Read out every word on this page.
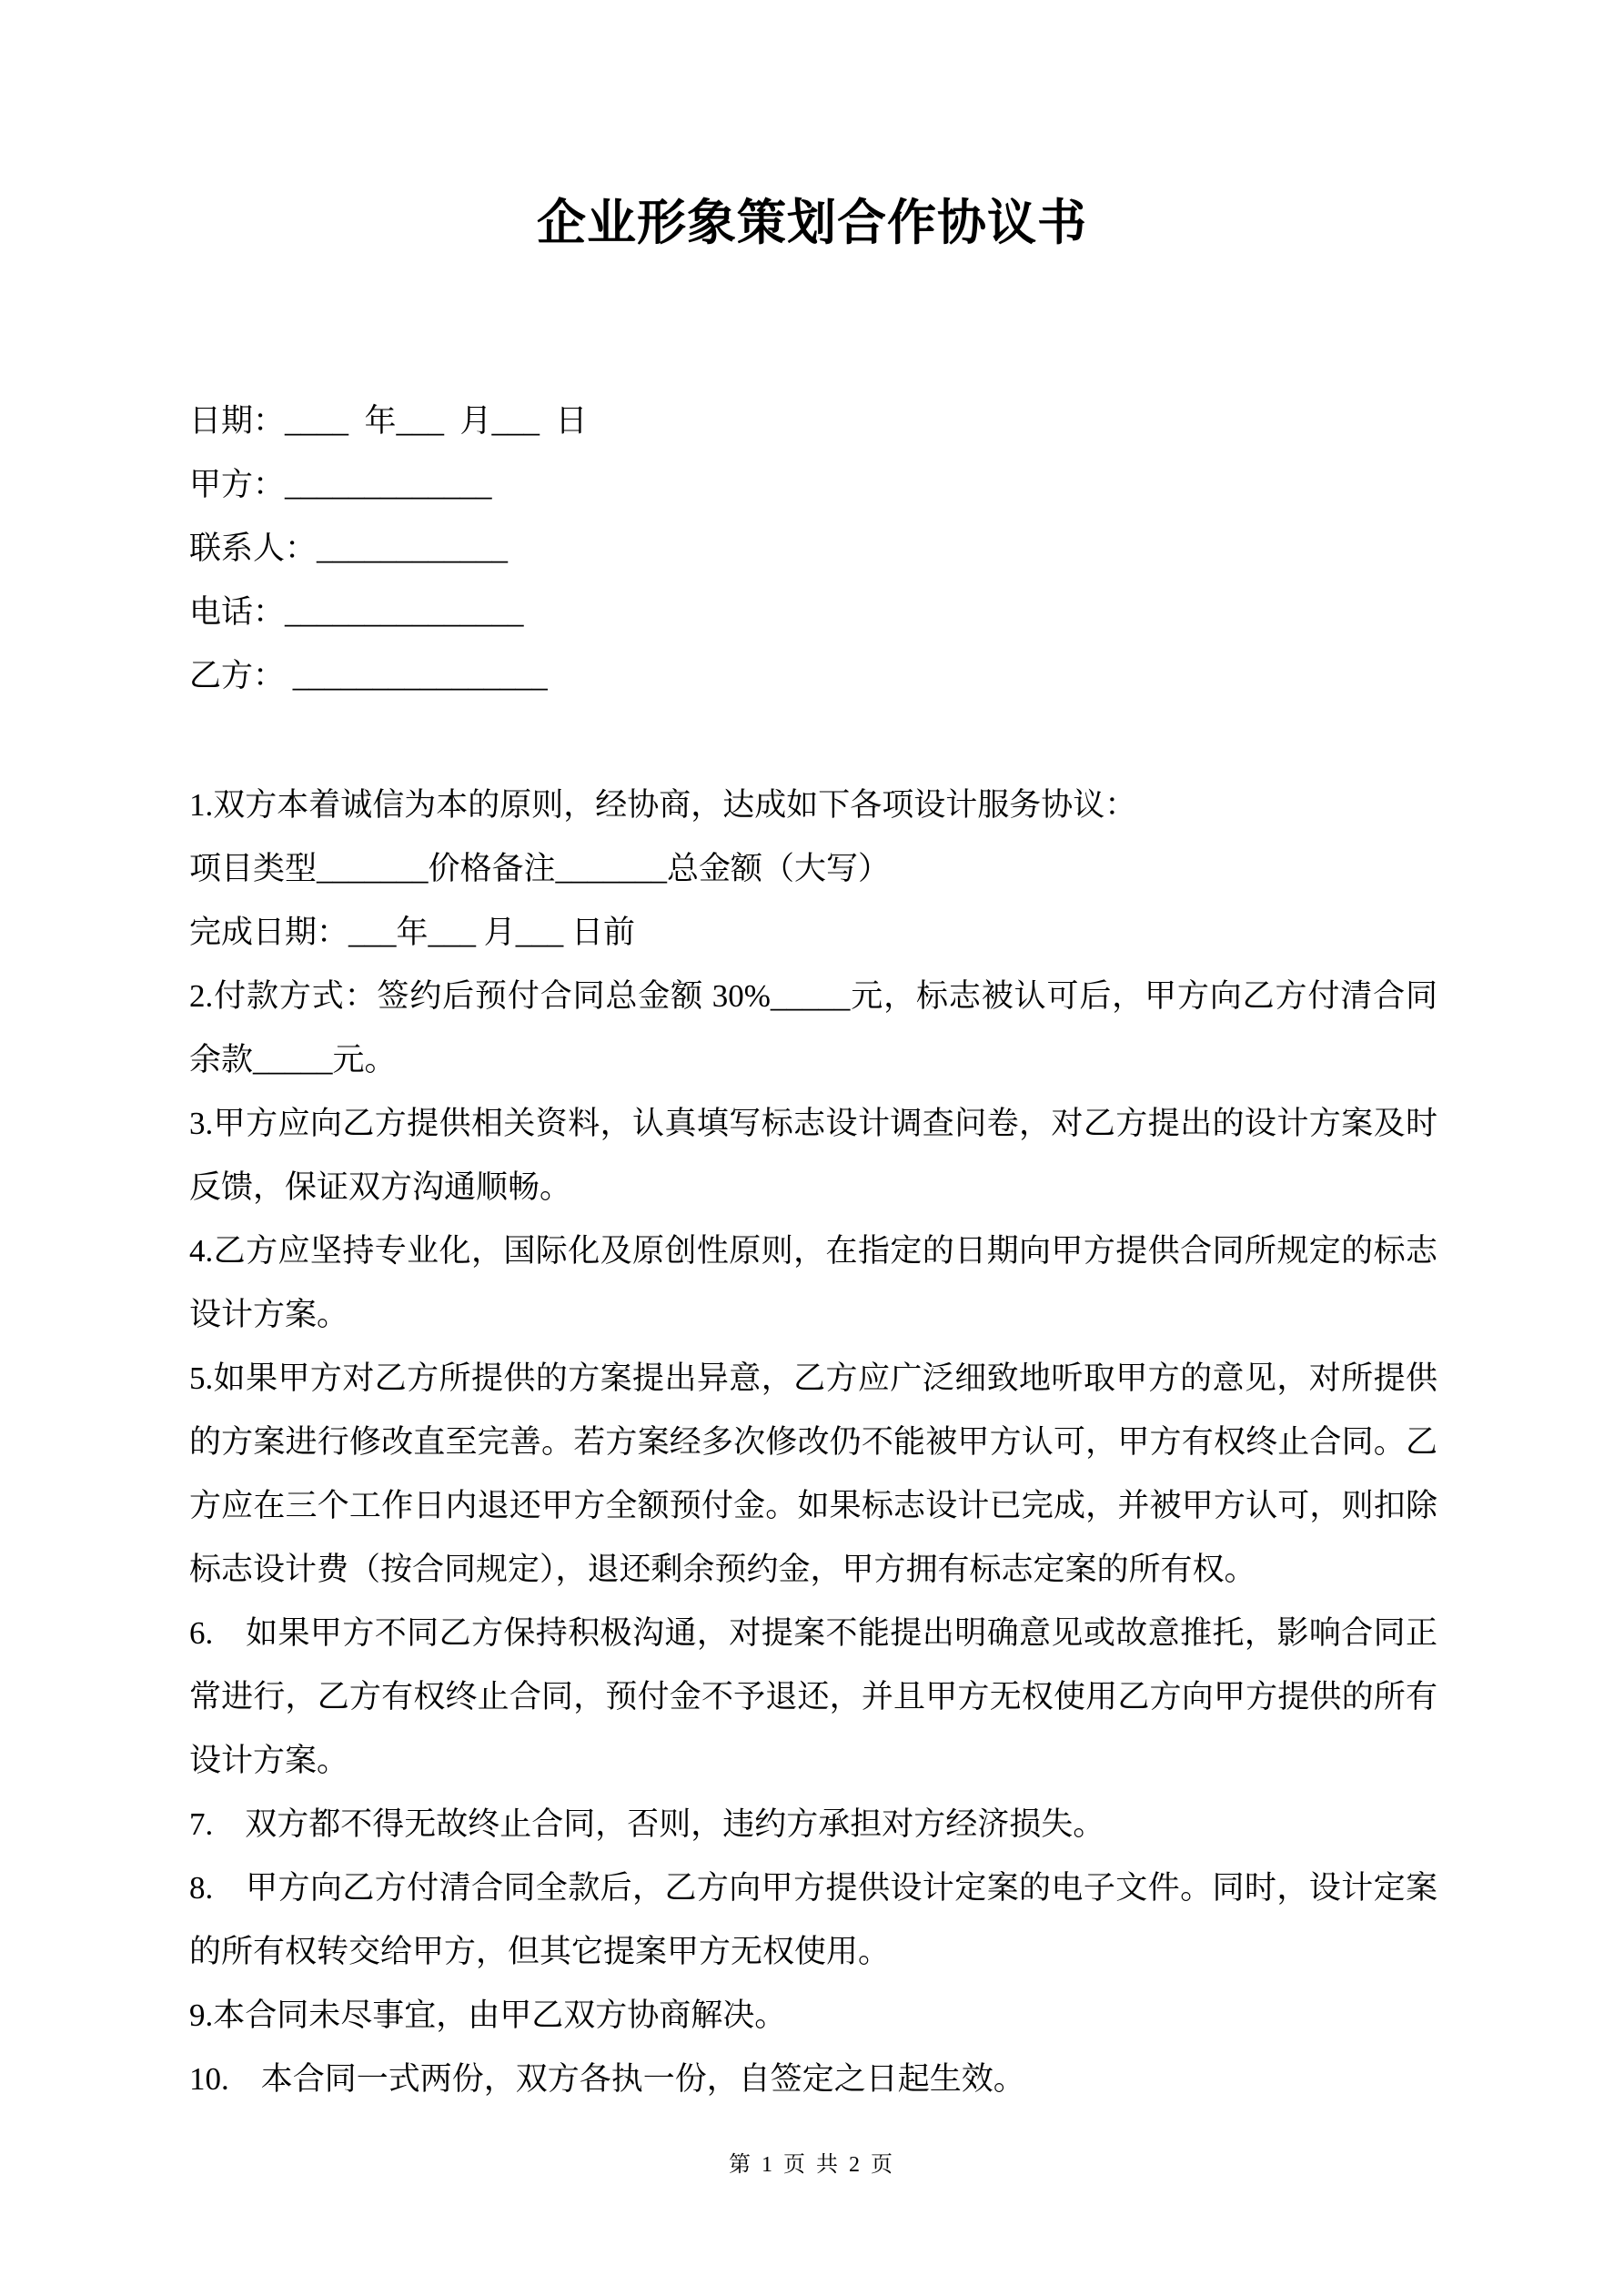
企业形象策划合作协议书

日期：____  年___  月___  日

甲方：_____________

联系人：____________

电话：_______________

乙方： ________________

1.双方本着诚信为本的原则，经协商，达成如下各项设计服务协议：

项目类型_______价格备注_______总金额（大写）

完成日期：___年___ 月___ 日前

2.付款方式：签约后预付合同总金额 30%_____元，标志被认可后，甲方向乙方付清合同余款_____元。

3.甲方应向乙方提供相关资料，认真填写标志设计调查问卷，对乙方提出的设计方案及时反馈，保证双方沟通顺畅。

4.乙方应坚持专业化，国际化及原创性原则，在指定的日期向甲方提供合同所规定的标志设计方案。

5.如果甲方对乙方所提供的方案提出异意，乙方应广泛细致地听取甲方的意见，对所提供的方案进行修改直至完善。若方案经多次修改仍不能被甲方认可，甲方有权终止合同。乙方应在三个工作日内退还甲方全额预付金。如果标志设计已完成，并被甲方认可，则扣除标志设计费（按合同规定），退还剩余预约金，甲方拥有标志定案的所有权。

6.　如果甲方不同乙方保持积极沟通，对提案不能提出明确意见或故意推托，影响合同正常进行，乙方有权终止合同，预付金不予退还，并且甲方无权使用乙方向甲方提供的所有设计方案。

7.　双方都不得无故终止合同，否则，违约方承担对方经济损失。

8.　甲方向乙方付清合同全款后，乙方向甲方提供设计定案的电子文件。同时，设计定案的所有权转交给甲方，但其它提案甲方无权使用。

9.本合同未尽事宜，由甲乙双方协商解决。

10.　本合同一式两份，双方各执一份，自签定之日起生效。

第 1 页 共 2 页
